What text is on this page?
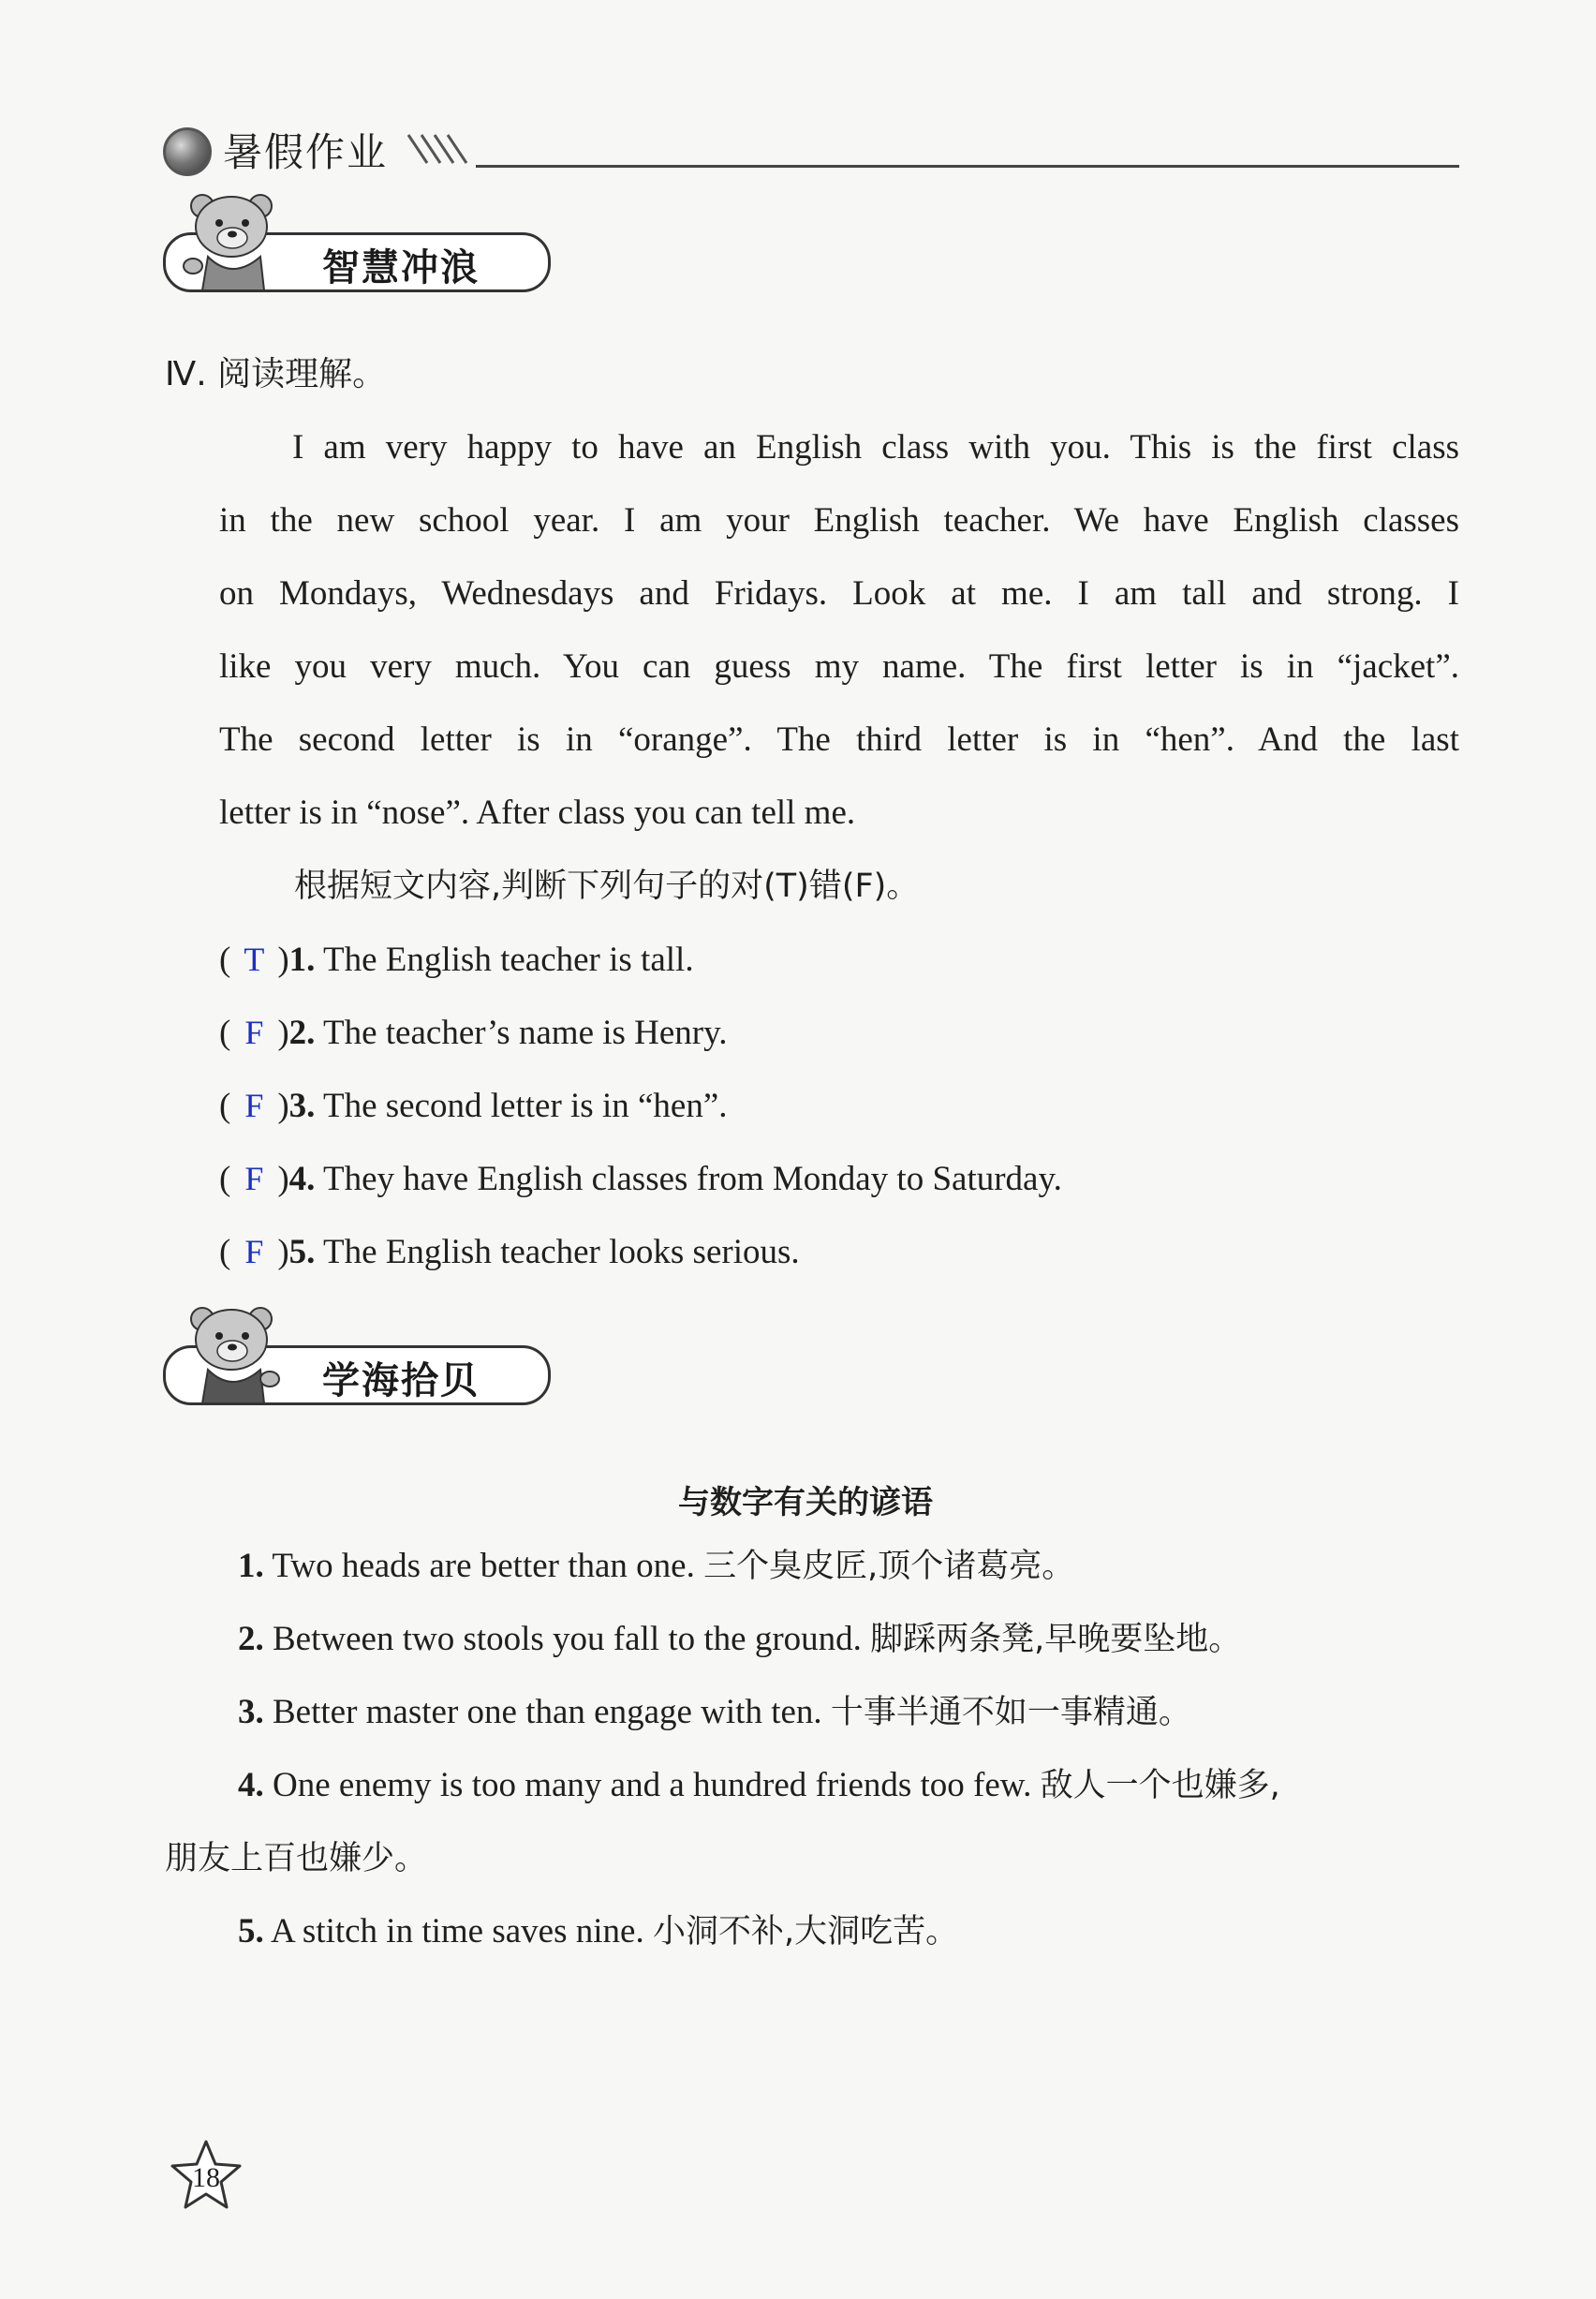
暑假作业
智慧冲浪
Ⅳ. 阅读理解。
I am very happy to have an English class with you. This is the first class
in the new school year. I am your English teacher. We have English classes
on Mondays, Wednesdays and Fridays. Look at me. I am tall and strong. I
like you very much. You can guess my name. The first letter is in “jacket”.
The second letter is in “orange”. The third letter is in “hen”. And the last
letter is in “nose”. After class you can tell me.
根据短文内容,判断下列句子的对(T)错(F)。
( T )1. The English teacher is tall.
( F )2. The teacher’s name is Henry.
( F )3. The second letter is in “hen”.
( F )4. They have English classes from Monday to Saturday.
( F )5. The English teacher looks serious.
学海拾贝
与数字有关的谚语
1. Two heads are better than one. 三个臭皮匠,顶个诸葛亮。
2. Between two stools you fall to the ground. 脚踩两条凳,早晚要坠地。
3. Better master one than engage with ten. 十事半通不如一事精通。
4. One enemy is too many and a hundred friends too few. 敌人一个也嫌多,
朋友上百也嫌少。
5. A stitch in time saves nine. 小洞不补,大洞吃苦。
18
